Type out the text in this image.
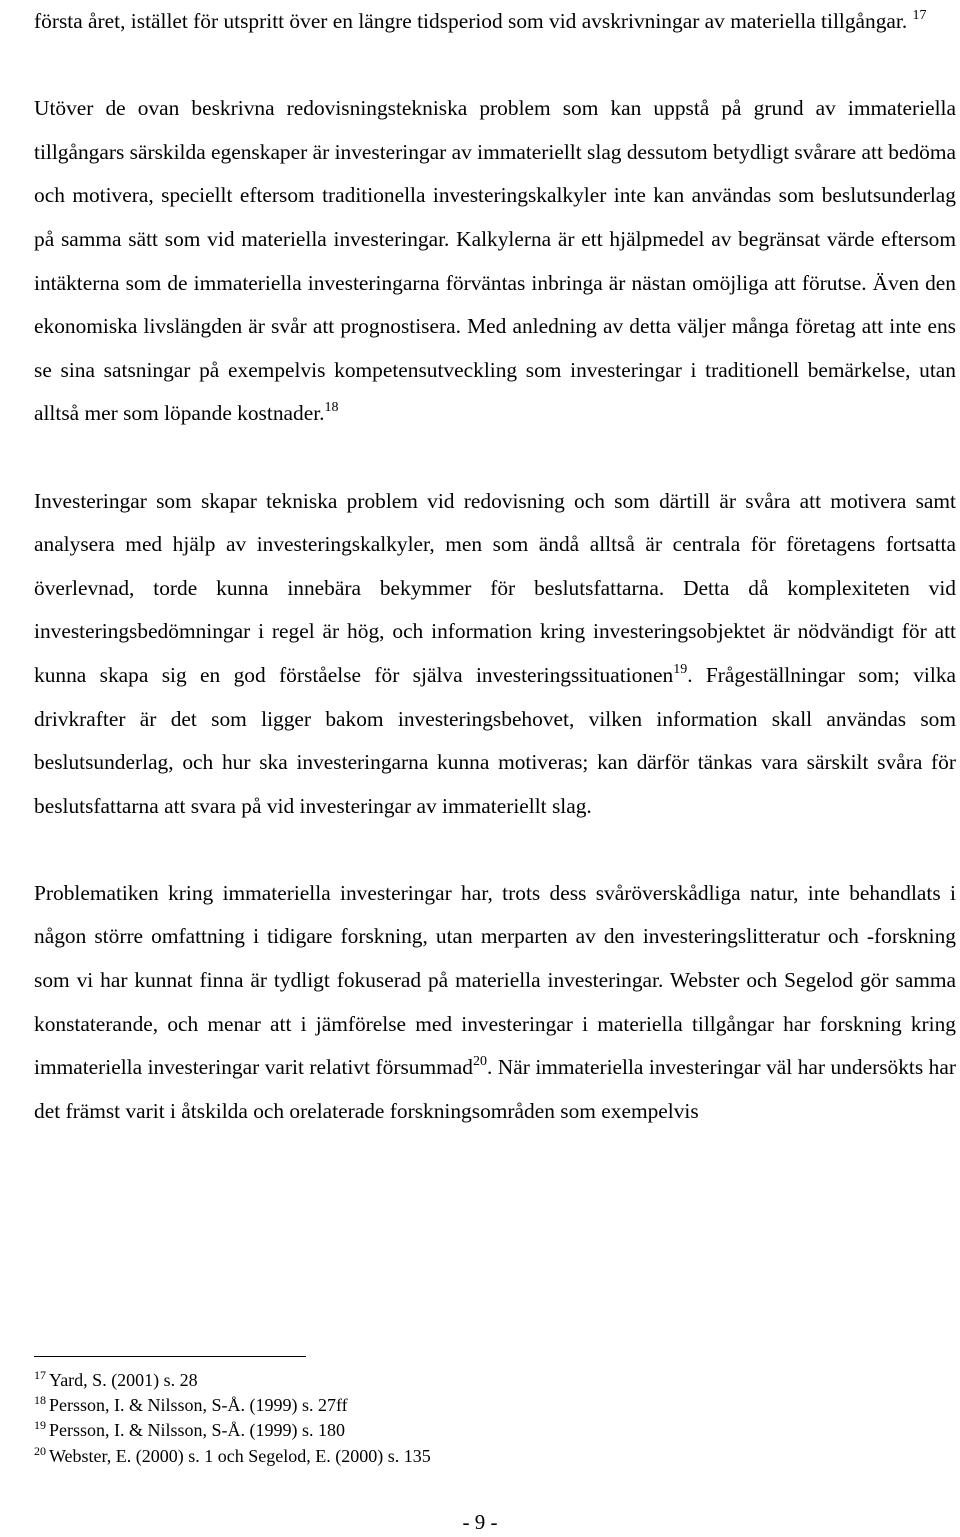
första året, istället för utspritt över en längre tidsperiod som vid avskrivningar av materiella tillgångar. $^{17}$

Utöver de ovan beskrivna redovisningstekniska problem som kan uppstå på grund av immateriella tillgångars särskilda egenskaper är investeringar av immateriellt slag dessutom betydligt svårare att bedöma och motivera, speciellt eftersom traditionella investeringskalkyler inte kan användas som beslutsunderlag på samma sätt som vid materiella investeringar. Kalkylerna är ett hjälpmedel av begränsat värde eftersom intäkterna som de immateriella investeringarna förväntas inbringa är nästan omöjliga att förutse. Även den ekonomiska livslängden är svår att prognostisera. Med anledning av detta väljer många företag att inte ens se sina satsningar på exempelvis kompetensutveckling som investeringar i traditionell bemärkelse, utan alltså mer som löpande kostnader.$^{18}$

Investeringar som skapar tekniska problem vid redovisning och som därtill är svåra att motivera samt analysera med hjälp av investeringskalkyler, men som ändå alltså är centrala för företagens fortsatta överlevnad, torde kunna innebära bekymmer för beslutsfattarna. Detta då komplexiteten vid investeringsbedömningar i regel är hög, och information kring investeringsobjektet är nödvändigt för att kunna skapa sig en god förståelse för själva investeringssituationen$^{19}$. Frågeställningar som; vilka drivkrafter är det som ligger bakom investeringsbehovet, vilken information skall användas som beslutsunderlag, och hur ska investeringarna kunna motiveras; kan därför tänkas vara särskilt svåra för beslutsfattarna att svara på vid investeringar av immateriellt slag.

Problematiken kring immateriella investeringar har, trots dess svåröverskådliga natur, inte behandlats i någon större omfattning i tidigare forskning, utan merparten av den investeringslitteratur och -forskning som vi har kunnat finna är tydligt fokuserad på materiella investeringar. Webster och Segelod gör samma konstaterande, och menar att i jämförelse med investeringar i materiella tillgångar har forskning kring immateriella investeringar varit relativt försummad$^{20}$. När immateriella investeringar väl har undersökts har det främst varit i åtskilda och orelaterade forskningsområden som exempelvis

$^{17}$ Yard, S. (2001) s. 28
$^{18}$ Persson, I. & Nilsson, S-Å. (1999) s. 27ff
$^{19}$ Persson, I. & Nilsson, S-Å. (1999) s. 180
$^{20}$ Webster, E. (2000) s. 1 och Segelod, E. (2000) s. 135
- 9 -
